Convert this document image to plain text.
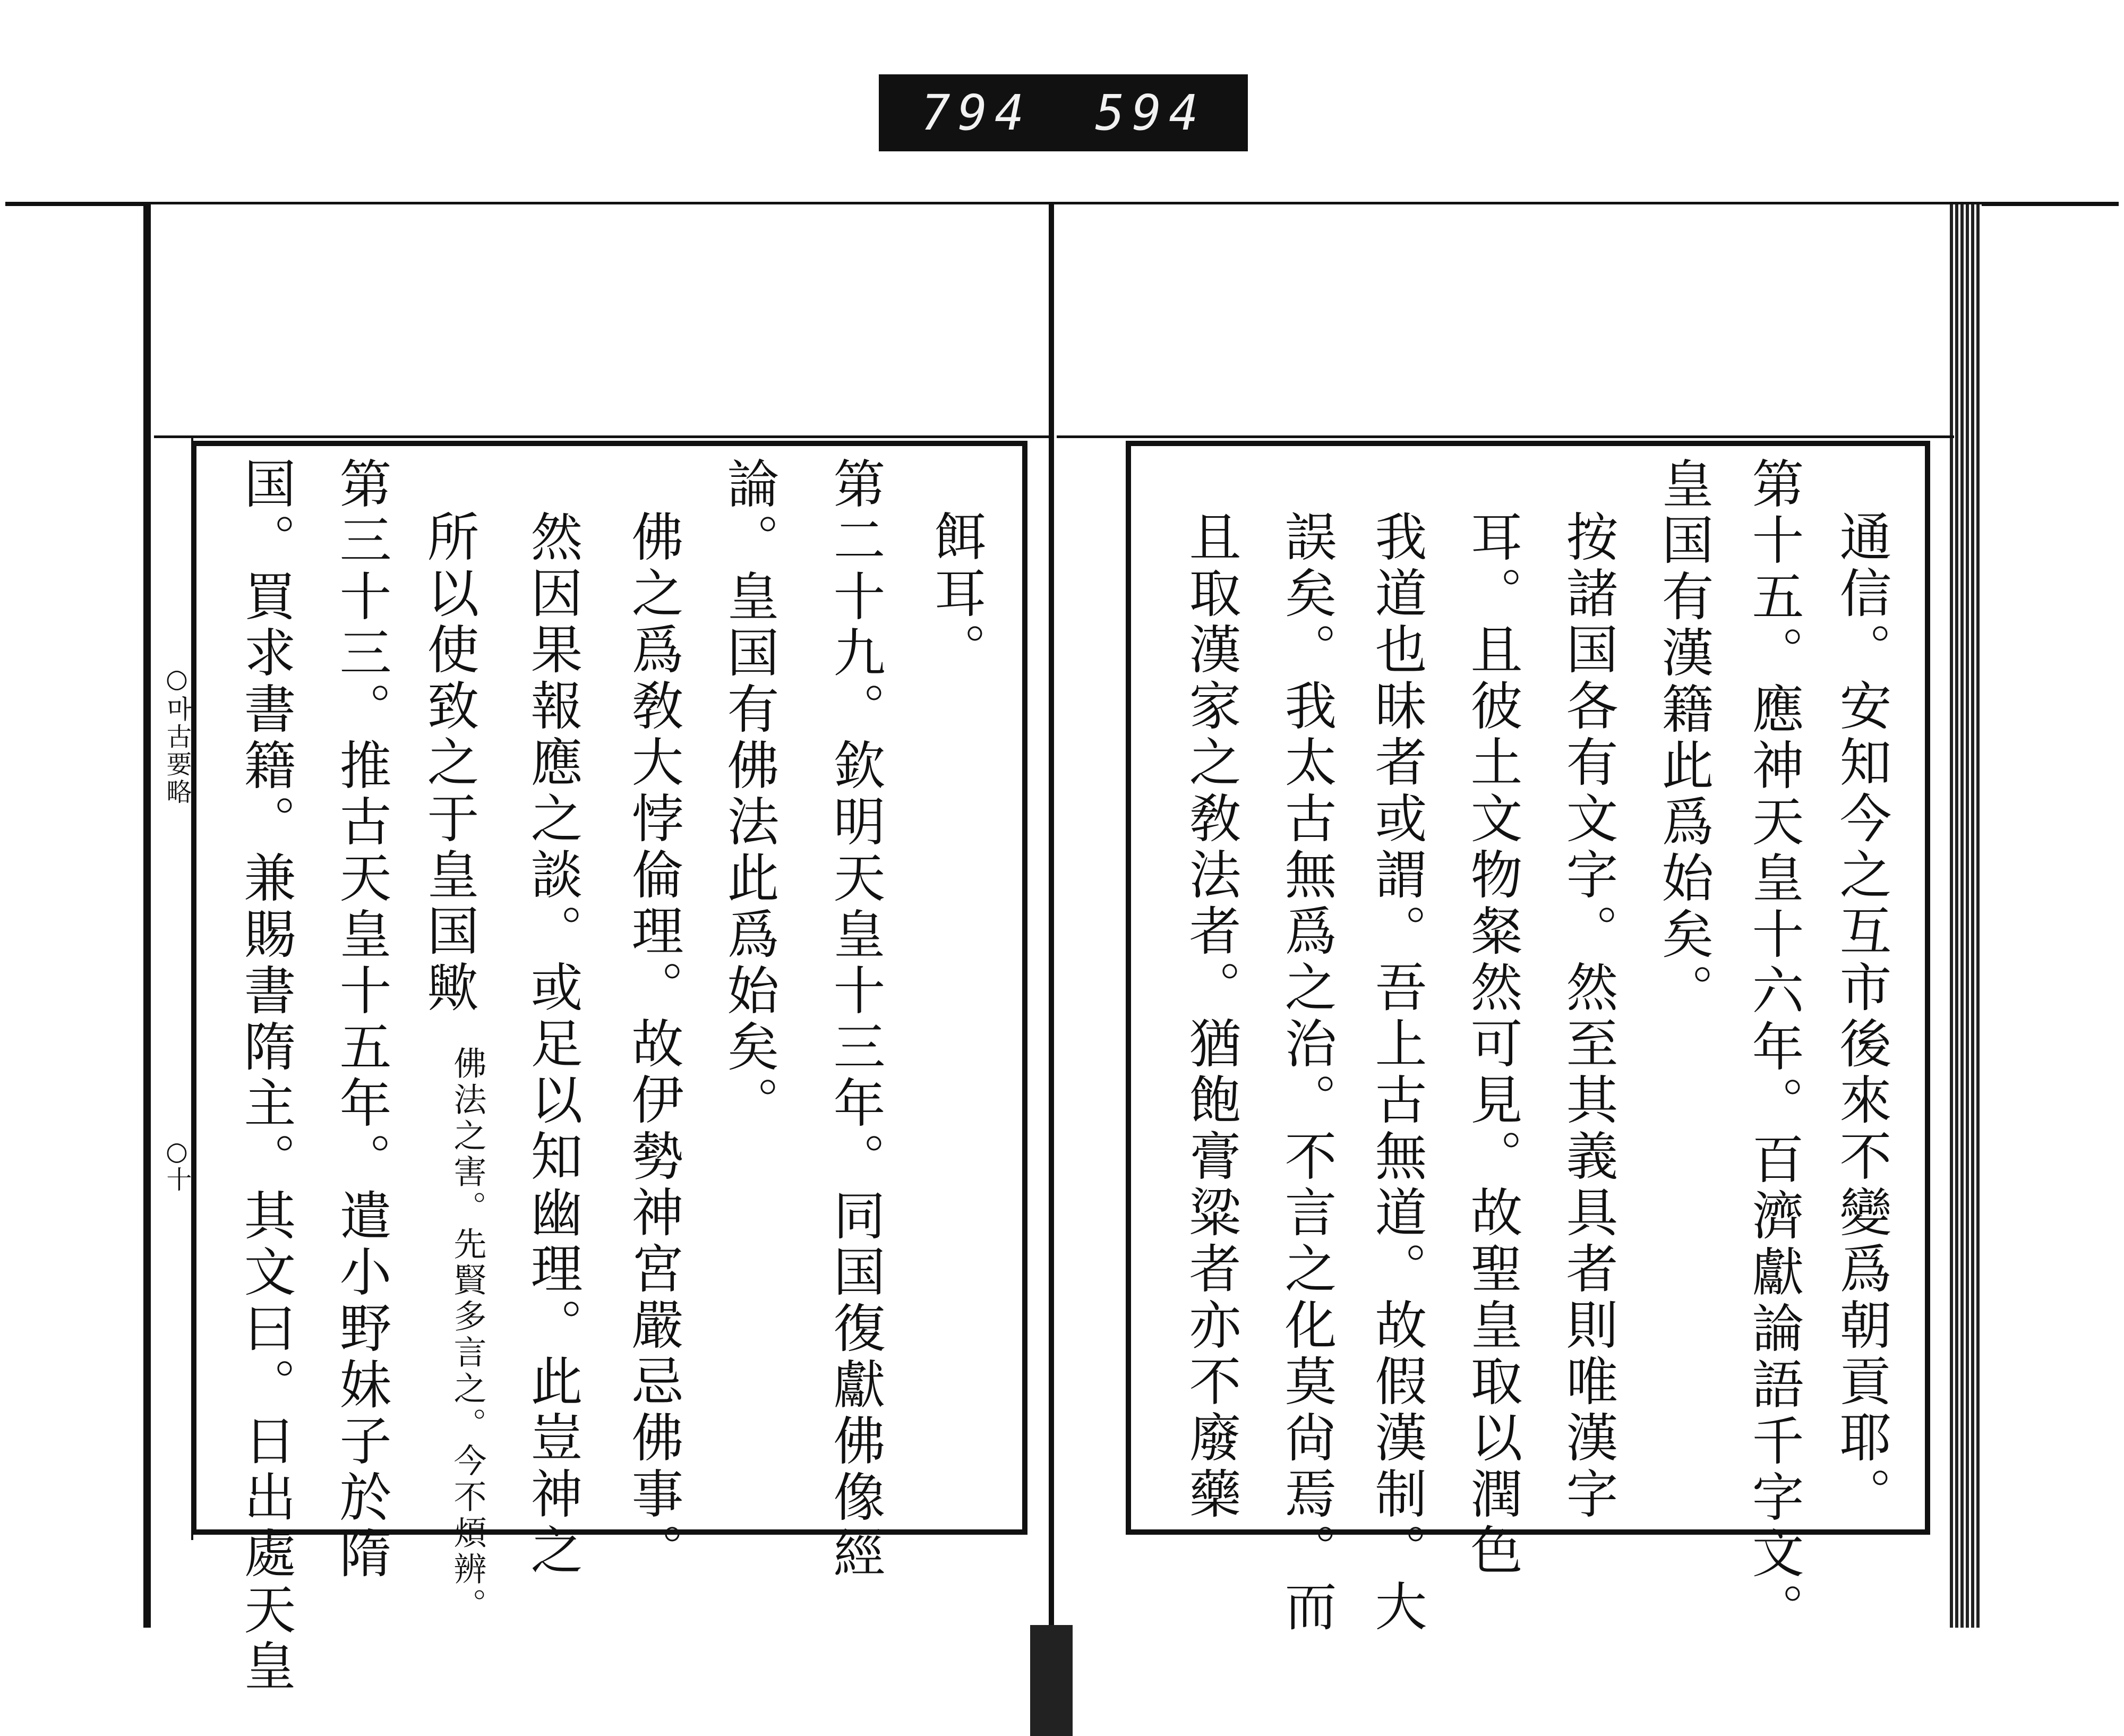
794 594
○마古要略
○十
餌耳。
第二十九。欽明天皇十三年。同国復獻佛像經
論。皇国有佛法此爲始矣。
佛之爲敎大悖倫理。故伊勢神宮嚴忌佛事。
然因果報應之談。或足以知幽理。此豈神之
所以使致之于皇国歟
佛法之害。先賢多言之。今不煩辨。
第三十三。推古天皇十五年。遣小野妹子於隋
国。買求書籍。兼賜書隋主。其文曰。日出處天皇	通信。安知今之互市後來不變爲朝貢耶。
第十五。應神天皇十六年。百濟獻論語千字文。
皇国有漢籍此爲始矣。
按諸国各有文字。然至其義具者則唯漢字
耳。且彼土文物粲然可見。故聖皇取以潤色
我道也昧者或謂。吾上古無道。故假漢制。大
誤矣。我太古無爲之治。不言之化莫尙焉。而
且取漢家之敎法者。猶飽膏粱者亦不廢藥
